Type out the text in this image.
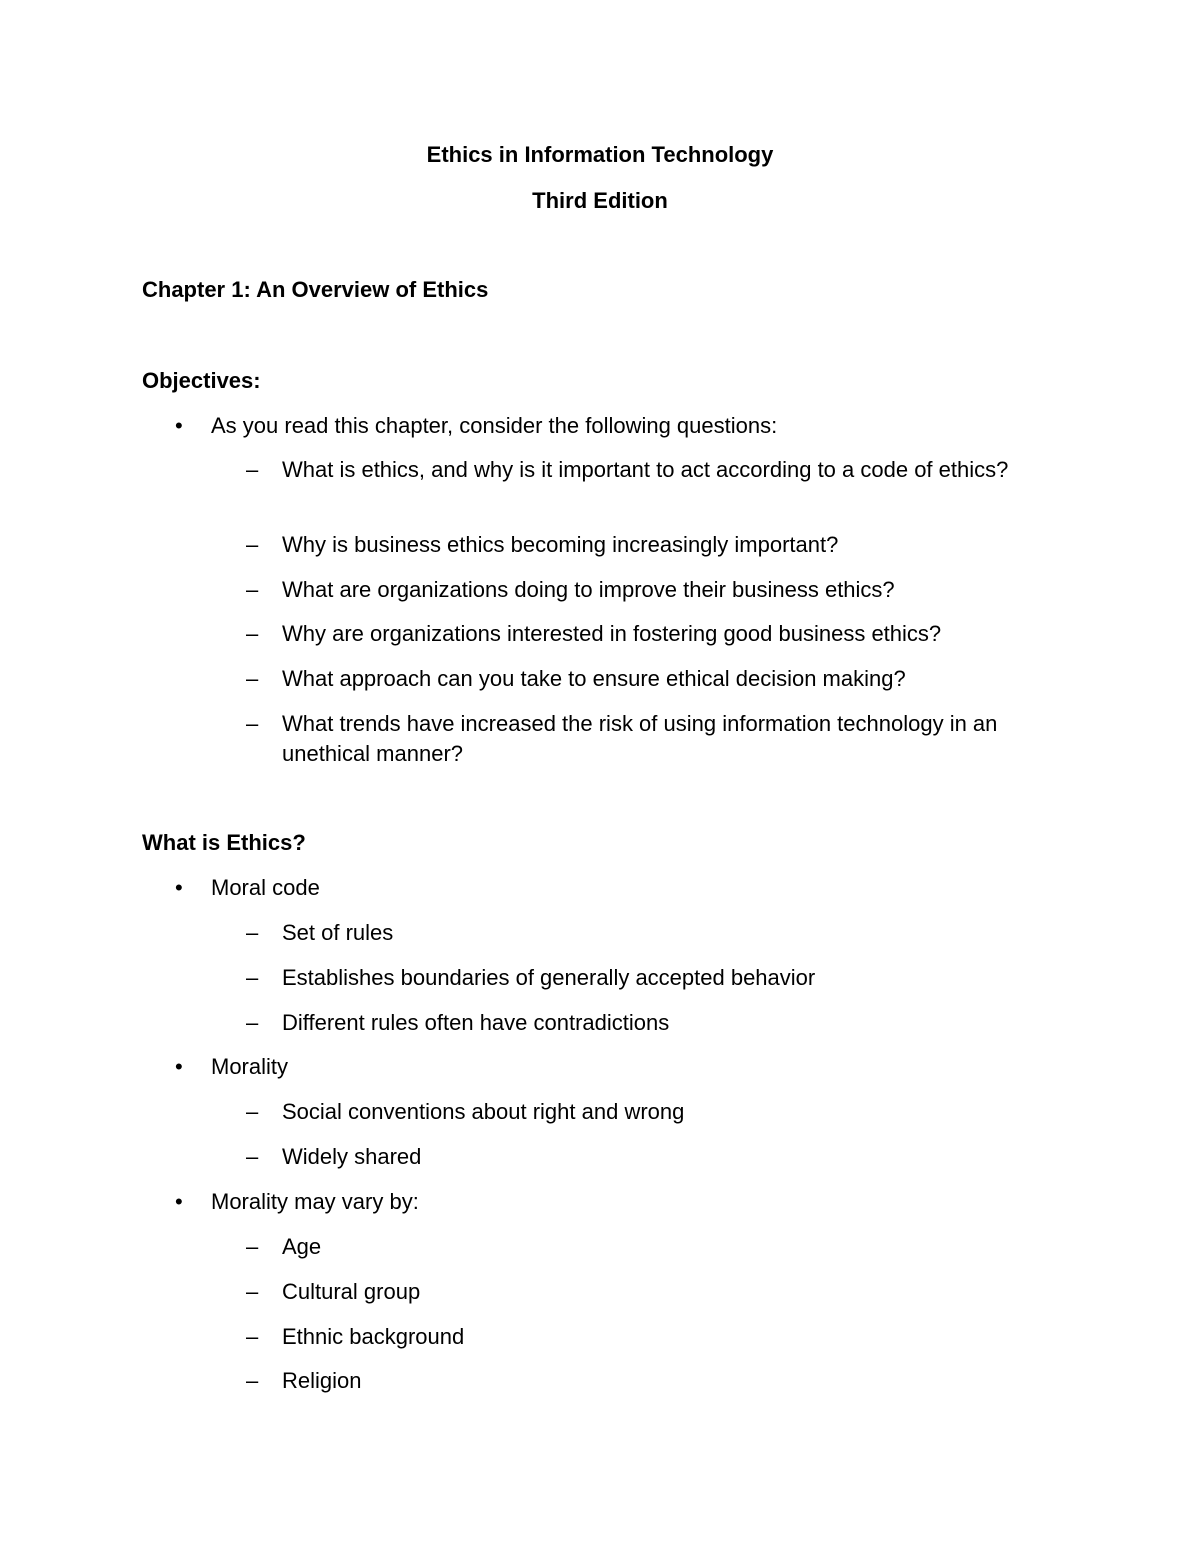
Ethics in Information Technology
Third Edition
Chapter 1: An Overview of Ethics
Objectives:
• As you read this chapter, consider the following questions:
– What is ethics, and why is it important to act according to a code of ethics?
– Why is business ethics becoming increasingly important?
– What are organizations doing to improve their business ethics?
– Why are organizations interested in fostering good business ethics?
– What approach can you take to ensure ethical decision making?
– What trends have increased the risk of using information technology in an unethical manner?
What is Ethics?
• Moral code
– Set of rules
– Establishes boundaries of generally accepted behavior
– Different rules often have contradictions
• Morality
– Social conventions about right and wrong
– Widely shared
• Morality may vary by:
– Age
– Cultural group
– Ethnic background
– Religion
